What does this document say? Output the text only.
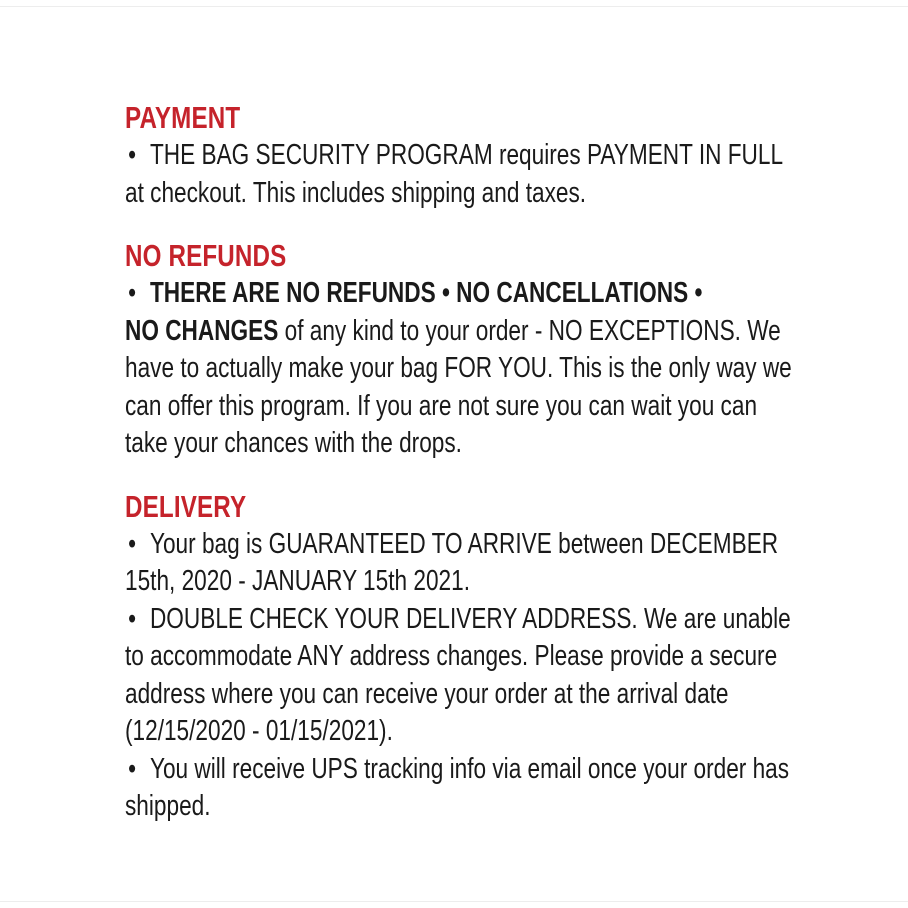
PAYMENT
• THE BAG SECURITY PROGRAM requires PAYMENT IN FULL
at checkout. This includes shipping and taxes.
NO REFUNDS
• THERE ARE NO REFUNDS • NO CANCELLATIONS •
NO CHANGES of any kind to your order - NO EXCEPTIONS. We
have to actually make your bag FOR YOU. This is the only way we
can offer this program. If you are not sure you can wait you can
take your chances with the drops.
DELIVERY
• Your bag is GUARANTEED TO ARRIVE between DECEMBER
15th, 2020 - JANUARY 15th 2021.
• DOUBLE CHECK YOUR DELIVERY ADDRESS. We are unable
to accommodate ANY address changes. Please provide a secure
address where you can receive your order at the arrival date
(12/15/2020 - 01/15/2021).
• You will receive UPS tracking info via email once your order has
shipped.
